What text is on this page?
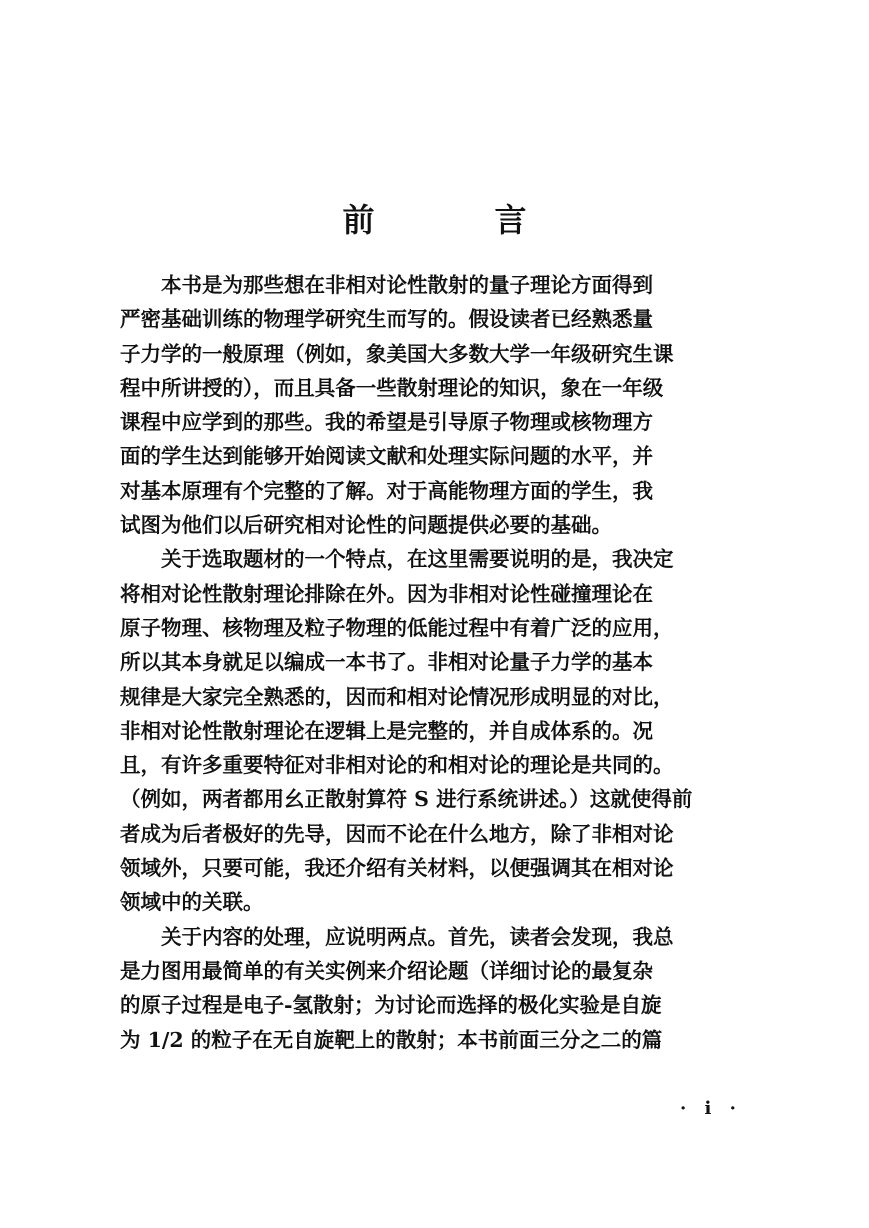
前	言

本书是为那些想在非相对论性散射的量子理论方面得到
严密基础训练的物理学研究生而写的。假设读者已经熟悉量
子力学的一般原理（例如，象美国大多数大学一年级研究生课
程中所讲授的），而且具备一些散射理论的知识，象在一年级
课程中应学到的那些。我的希望是引导原子物理或核物理方
面的学生达到能够开始阅读文献和处理实际问题的水平，并
对基本原理有个完整的了解。对于高能物理方面的学生，我
试图为他们以后研究相对论性的问题提供必要的基础。

关于选取题材的一个特点，在这里需要说明的是，我决定
将相对论性散射理论排除在外。因为非相对论性碰撞理论在
原子物理、核物理及粒子物理的低能过程中有着广泛的应用，
所以其本身就足以编成一本书了。非相对论量子力学的基本
规律是大家完全熟悉的，因而和相对论情况形成明显的对比，
非相对论性散射理论在逻辑上是完整的，并自成体系的。况
且，有许多重要特征对非相对论的和相对论的理论是共同的。
（例如，两者都用幺正散射算符 S 进行系统讲述。）这就使得前
者成为后者极好的先导，因而不论在什么地方，除了非相对论
领域外，只要可能，我还介绍有关材料，以便强调其在相对论
领域中的关联。

关于内容的处理，应说明两点。首先，读者会发现，我总
是力图用最简单的有关实例来介绍论题（详细讨论的最复杂
的原子过程是电子-氢散射；为讨论而选择的极化实验是自旋
为 1/2 的粒子在无自旋靶上的散射；本书前面三分之二的篇

· i ·
